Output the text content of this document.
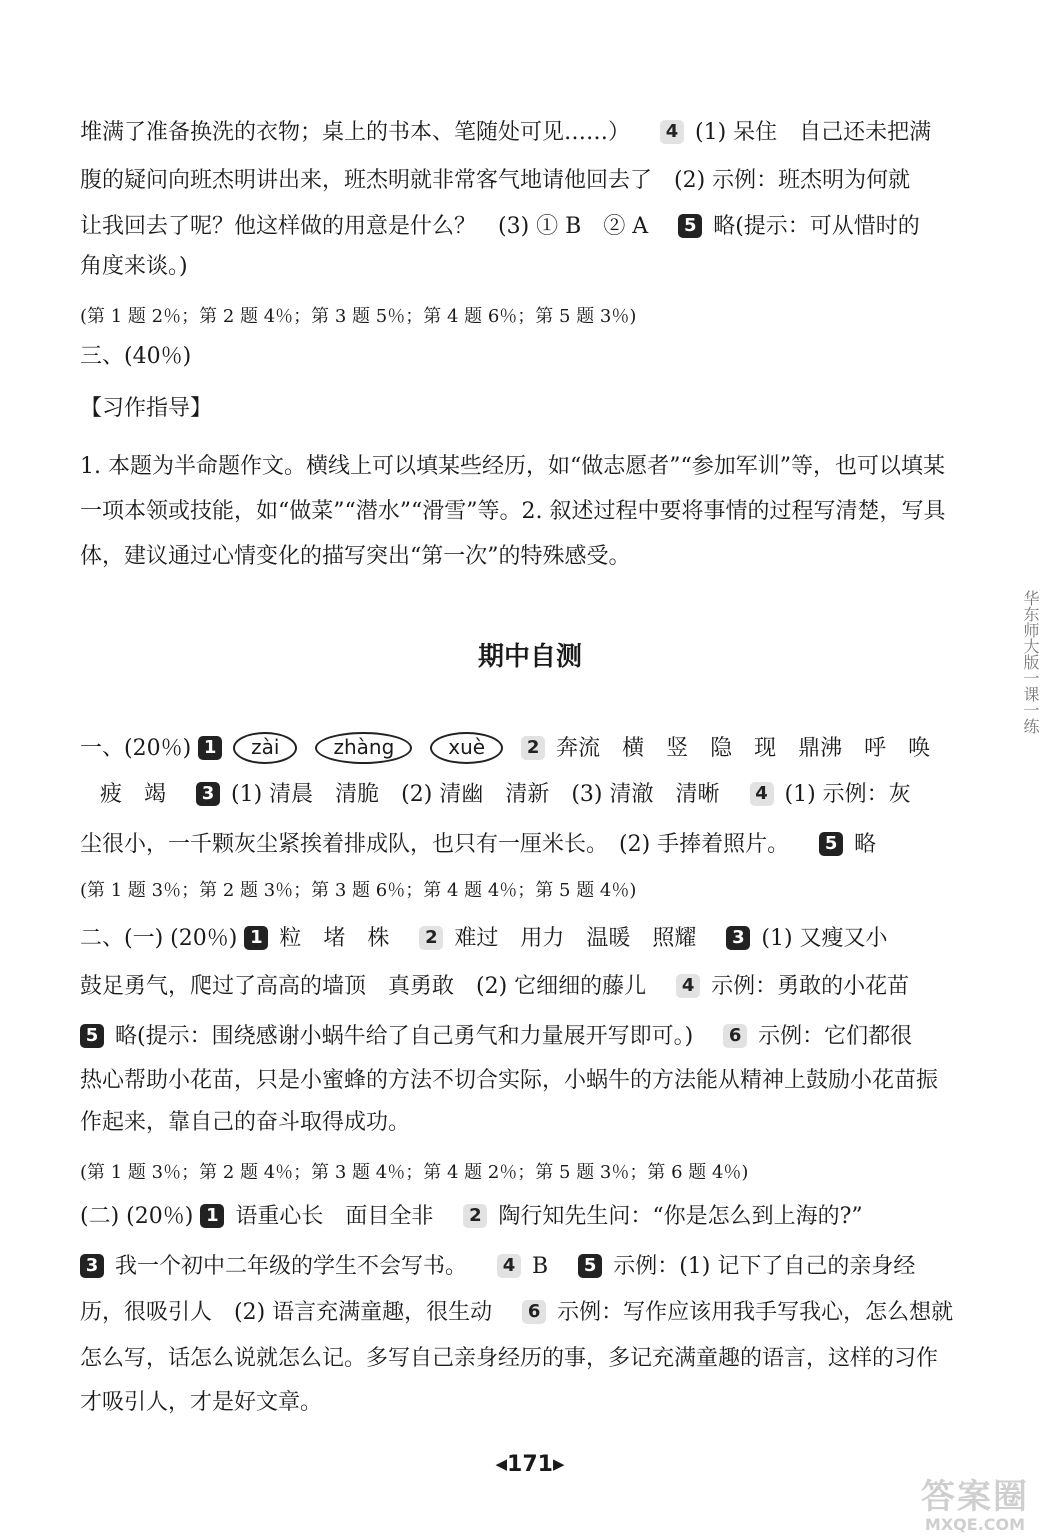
堆满了准备换洗的衣物；桌上的书本、笔随处可见……） 4 (1) 呆住　自己还未把满
腹的疑问向班杰明讲出来，班杰明就非常客气地请他回去了　(2) 示例：班杰明为何就
让我回去了呢？他这样做的用意是什么？　(3) ① B　② A 5 略(提示：可从惜时的
角度来谈。)
(第 1 题 2％；第 2 题 4％；第 3 题 5％；第 4 题 6％；第 5 题 3％)
三、(40％)
【习作指导】
1. 本题为半命题作文。横线上可以填某些经历，如“做志愿者”“参加军训”等，也可以填某
一项本领或技能，如“做菜”“潜水”“滑雪”等。2. 叙述过程中要将事情的过程写清楚，写具
体，建议通过心情变化的描写突出“第一次”的特殊感受。
期中自测	华东师大版一课一练
一、(20％) 1 zài	zhàng	xuè 2 奔流　横　竖　隐　现　鼎沸　呼　唤
疲　竭 3 (1) 清晨　清脆　(2) 清幽　清新　(3) 清澈　清晰 4 (1) 示例：灰
尘很小，一千颗灰尘紧挨着排成队，也只有一厘米长。　(2) 手捧着照片。 5 略
(第 1 题 3％；第 2 题 3％；第 3 题 6％；第 4 题 4％；第 5 题 4％)
二、(一) (20％) 1 粒　堵　株 2 难过　用力　温暖　照耀 3 (1) 又瘦又小
鼓足勇气，爬过了高高的墙顶　真勇敢　(2) 它细细的藤儿 4 示例：勇敢的小花苗
5 略(提示：围绕感谢小蜗牛给了自己勇气和力量展开写即可。) 6 示例：它们都很
热心帮助小花苗，只是小蜜蜂的方法不切合实际，小蜗牛的方法能从精神上鼓励小花苗振
作起来，靠自己的奋斗取得成功。
(第 1 题 3％；第 2 题 4％；第 3 题 4％；第 4 题 2％；第 5 题 3％；第 6 题 4％)
(二) (20％) 1 语重心长　面目全非 2 陶行知先生问：“你是怎么到上海的?”
3 我一个初中二年级的学生不会写书。 4 B 5 示例：(1) 记下了自己的亲身经
历，很吸引人　(2) 语言充满童趣，很生动 6 示例：写作应该用我手写我心，怎么想就
怎么写，话怎么说就怎么记。多写自己亲身经历的事，多记充满童趣的语言，这样的习作
才吸引人，才是好文章。
◀171▶
答案圈
MXQE.COM
